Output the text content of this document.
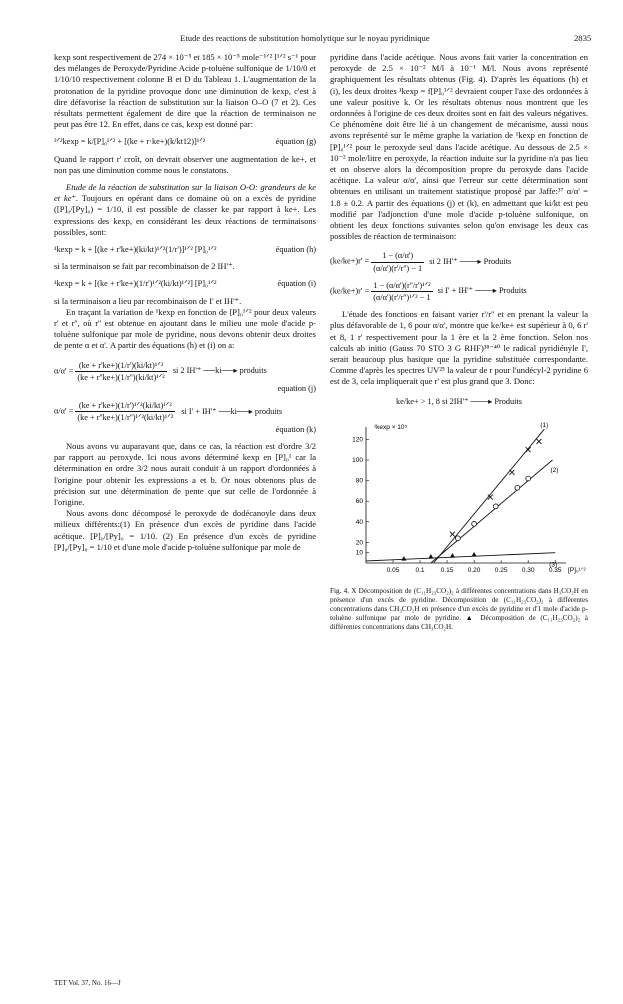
Etude des reactions de substitution homolytique sur le noyau pyridinique	2835

kexp sont respectivement de 274 × 10⁻⁵ et 185 × 10⁻⁵ mole⁻¹ᐟ² l¹ᐟ² s⁻¹ pour des mélanges de Peroxyde/Pyridine Acide p-toluène sulfonique de 1/10/0 et 1/10/10 respectivement colonne B et D du Tableau 1. L'augmentation de la protonation de la pyridine provoque donc une diminution de kexp, c'est à dire défavorise la réaction de substitution sur la liaison O–O (7 et 2). Ces résultats permettent également de dire que la réaction de terminaison ne peut pas être 12. En effet, dans ce cas, kexp est donné par:

³ᐟ²kexp = k/[P]₀¹ᐟ² + [(ke + r·ke+)(k/kt12)]¹ᐟ²	équation (g)

Quand le rapport r' croît, on devrait observer une augmentation de ke+, et non pas une diminution comme nous le constatons.

Etude de la réaction de substitution sur la liaison O-O: grandeurs de ke et ke⁺. Toujours en opérant dans ce domaine où on a excès de pyridine ([P]₀/[Py]₀) = 1/10, il est possible de classer ke par rapport à ke+. Les expressions des kexp, en considérant les deux réactions de terminaisons possibles, sont:

¹kexp = k + [(ke + r'ke+)(ki/kt)¹ᐟ²(1/r')]¹ᐟ² [P]₀¹ᐟ²	équation (h)

si la terminaison se fait par recombinaison de 2 IH'⁺.

¹kexp = k + [(ke + r'ke+)(1/r')¹ᐟ²(ki/kt)¹ᐟ²] [P]₀¹ᐟ²	équation (i)

si la terminaison a lieu par recombinaison de I' et IH'⁺.

En traçant la variation de ¹kexp en fonction de [P]₀¹ᐟ² pour deux valeurs r' et r'', où r'' est obtenue en ajoutant dans le milieu une mole d'acide p-toluène sulfonique par mole de pyridine, nous devons obtenir deux droites de pente α et α'. A partir des équations (h) et (i) on a:

$\alpha/\alpha' = \frac{\text{(ke + r'ke+)(1/r')(ki/kt)¹ᐟ²}}{\text{(ke + r''ke+)(1/r'')(ki/kt)¹ᐟ²}}$ si 2 IH'⁺ ──ki──▸ produits
equation (j)
$\alpha/\alpha' = \frac{\text{(ke + r'ke+)(1/r')¹ᐟ²(ki/kt)¹ᐟ²}}{\text{(ke + r''ke+)(1/r'')¹ᐟ²(ki/kt)¹ᐟ²}}$ si I' + IH'⁺ ──ki──▸ produits
équation (k)

Nous avons vu auparavant que, dans ce cas, la réaction est d'ordre 3/2 par rapport au peroxyde. Ici nous avons déterminé kexp en [P]₀¹ car la détermination en ordre 3/2 nous aurait conduit à un rapport d'ordonnées à l'origine pour obtenir les expressions a et b. Or nous obtenons plus de précision sur une détermination de pente que sur celle de l'ordonnée à l'origine.

Nous avons donc décomposé le peroxyde de dodécanoyle dans deux milieux différents:(1) En présence d'un excès de pyridine dans l'acide acétique. [P]₀/[Py]₀ = 1/10. (2) En présence d'un excès de pyridine [P]₀/[Py]₀ = 1/10 et d'une mole d'acide p-toluène sulfonique par mole de

pyridine dans l'acide acétique. Nous avons fait varier la concentration en peroxyde de 2.5 × 10⁻² M/l à 10⁻¹ M/l. Nous avons représenté graphiquement les résultats obtenus (Fig. 4). D'après les équations (h) et (i), les deux droites ¹kexp = f[P]₀¹ᐟ² devraient couper l'axe des ordonnées à une valeur positive k. Or les résultats obtenus nous montrent que les ordonnées à l'origine de ces deux droites sont en fait des valeurs négatives. Ce phénomène doit être lié à un changement de mécanisme, aussi nous avons représenté sur le même graphe la variation de ¹kexp en fonction de [P]₀¹ᐟ² pour le peroxyde seul dans l'acide acétique. Au dessous de 2.5 × 10⁻² mole/litre en peroxyde, la réaction induite sur la pyridine n'a pas lieu et on observe alors la décomposition propre du peroxyde dans l'acide acétique. La valeur α/α', ainsi que l'erreur sur cette détermination sont obtenues en utilisant un traitement statistique proposé par Jaffe:³⁷ α/α' = 1.8 ± 0.2. A partir des équations (j) et (k), en admettant que ki/kt est peu modifié par l'adjonction d'une mole d'acide p-toluène sulfonique, on obtient les deux fonctions suivantes selon qu'on envisage les deux cas possibles de réaction de terminaison:

$(ke/ke+)r' = \frac{1 - (\alpha/\alpha')}{(\alpha/\alpha')(r'/r'') - 1}$ si 2 IH'⁺ ───▸ Produits
$(ke/ke+)r' = \frac{\text{1 − (α/α')(r''/r')¹ᐟ²}}{\text{(α/α')(r'/r'')¹ᐟ² − 1}}$ si I' + IH'⁺ ───▸ Produits

L'étude des fonctions en faisant varier r'/r'' et en prenant la valeur la plus défavorable de 1, 6 pour α/α', montre que ke/ke+ est supérieur à 0, 6 r' et 8, 1 r' respectivement pour la 1 ère et la 2 ème fonction. Selon nos calculs ab initio (Gauss 70 STO 3 G RHF)³⁸⁻⁴⁰ le radical pyridiényle I', serait beaucoup plus basique que la pyridine substituée correspondante. Comme d'après les spectres UV²⁵ la valeur de r pour l'undécyl-2 pyridine 6 est de 3, cela impliquerait que r' est plus grand que 3. Donc:

ke/ke+ > 1, 8 si 2IH'⁺ ───▸ Produits
0.05 0.1 0.15 0.20 0.25 0.30 0.35
10
20
40
60
80
100
120
¹kexp × 10⁵
[P]₀¹ᐟ²
(1)
(2)
(3)
Fig. 4. X Décomposition de (C₁₁H₂₃CO₂)₂ à différentes concentrations dans H₃CO₂H en présence d'un excès de pyridine. Décomposition de (C₁₁H₂₃CO₂)₂ à différentes concentrations dans CH₃CO₂H en présence d'un excès de pyridine et d'1 mole d'acide p-toluène sulfonique par mole de pyridine. ▲ Décomposition de (C₁₁H₂₃CO₂)₂ à différentes concentrations dans CH₃CO₂H.
TET Vol. 37, No. 16—J
